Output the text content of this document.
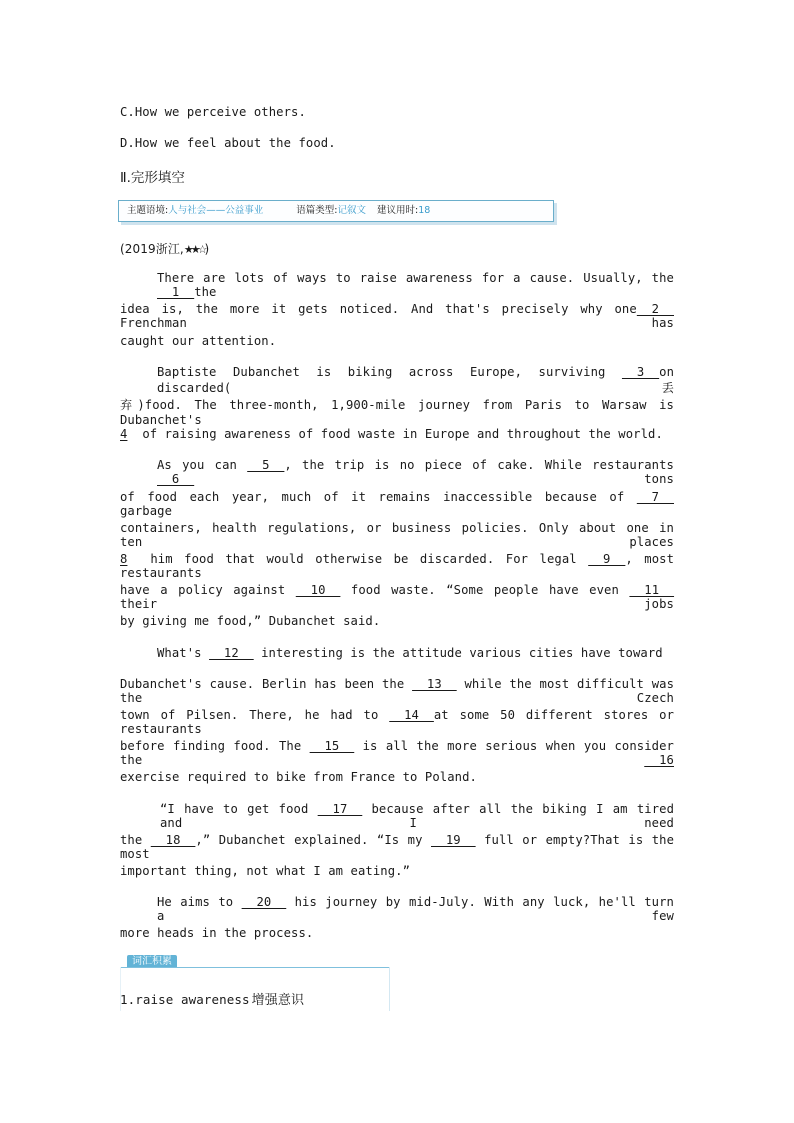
C.How we perceive others.
D.How we feel about the food.
Ⅱ.完形填空
(2019浙江,★★☆)
There are lots of ways to raise awareness for a cause. Usually, the  1  the
idea is, the more it gets noticed. And that's precisely why one  2  Frenchman has
caught our attention.
Baptiste Dubanchet is biking across Europe, surviving   3  on discarded(丢
弃)food. The three-month, 1,900-mile journey from Paris to Warsaw is Dubanchet's
4 of raising awareness of food waste in Europe and throughout the world.
As you can   5  , the trip is no piece of cake. While restaurants   6	tons
of food each year, much of it remains inaccessible because of   7   garbage
containers, health regulations, or business policies. Only about one in ten places
8 him food that would otherwise be discarded. For legal   9  , most restaurants
have a policy against   10   food waste. “Some people have even   11   their jobs
by giving me food,” Dubanchet said.
What's   12   interesting is the attitude various cities have toward
Dubanchet's cause. Berlin has been the   13   while the most difficult was the Czech
town of Pilsen. There, he had to   14  at some 50 different stores or restaurants
before finding food. The   15   is all the more serious when you consider the	16
exercise required to bike from France to Poland.
“I have to get food   17   because after all the biking I am tired and I need
the   18  ,” Dubanchet explained. “Is my   19   full or empty?That is the most
important thing, not what I am eating.”
He aims to   20   his journey by mid-July. With any luck, he'll turn a few
more heads in the process.
1.raise awareness 增强意识
主题语境:人与社会——公益事业	语篇类型:记叙文 建议用时:18
词汇积累
